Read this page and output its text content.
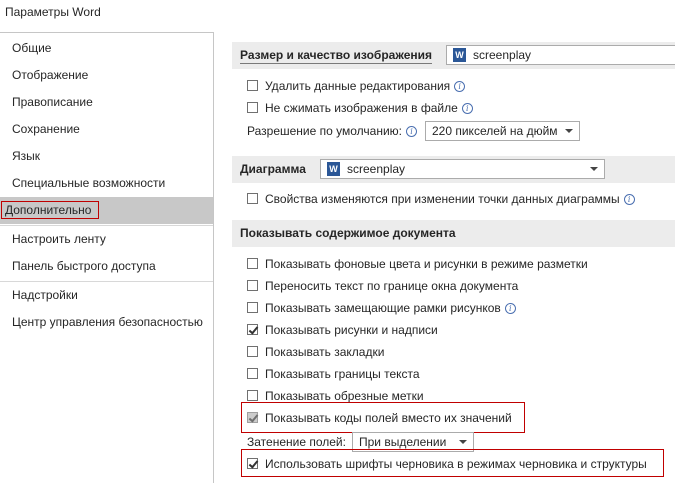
Параметры Word
Общие
Отображение
Правописание
Сохранение
Язык
Специальные возможности
Дополнительно
Настроить ленту
Панель быстрого доступа
Надстройки
Центр управления безопасностью
Размер и качество изображения	W screenplay
Удалить данные редактирования i
Не сжимать изображения в файле i
Разрешение по умолчанию: i	220 пикселей на дюйм
Диаграмма	W screenplay
Свойства изменяются при изменении точки данных диаграммы i
Показывать содержимое документа
Показывать фоновые цвета и рисунки в режиме разметки
Переносить текст по границе окна документа
Показывать замещающие рамки рисунков i
Показывать рисунки и надписи
Показывать закладки
Показывать границы текста
Показывать обрезные метки
Показывать коды полей вместо их значений
Затенение полей:	При выделении
Использовать шрифты черновика в режимах черновика и структуры
